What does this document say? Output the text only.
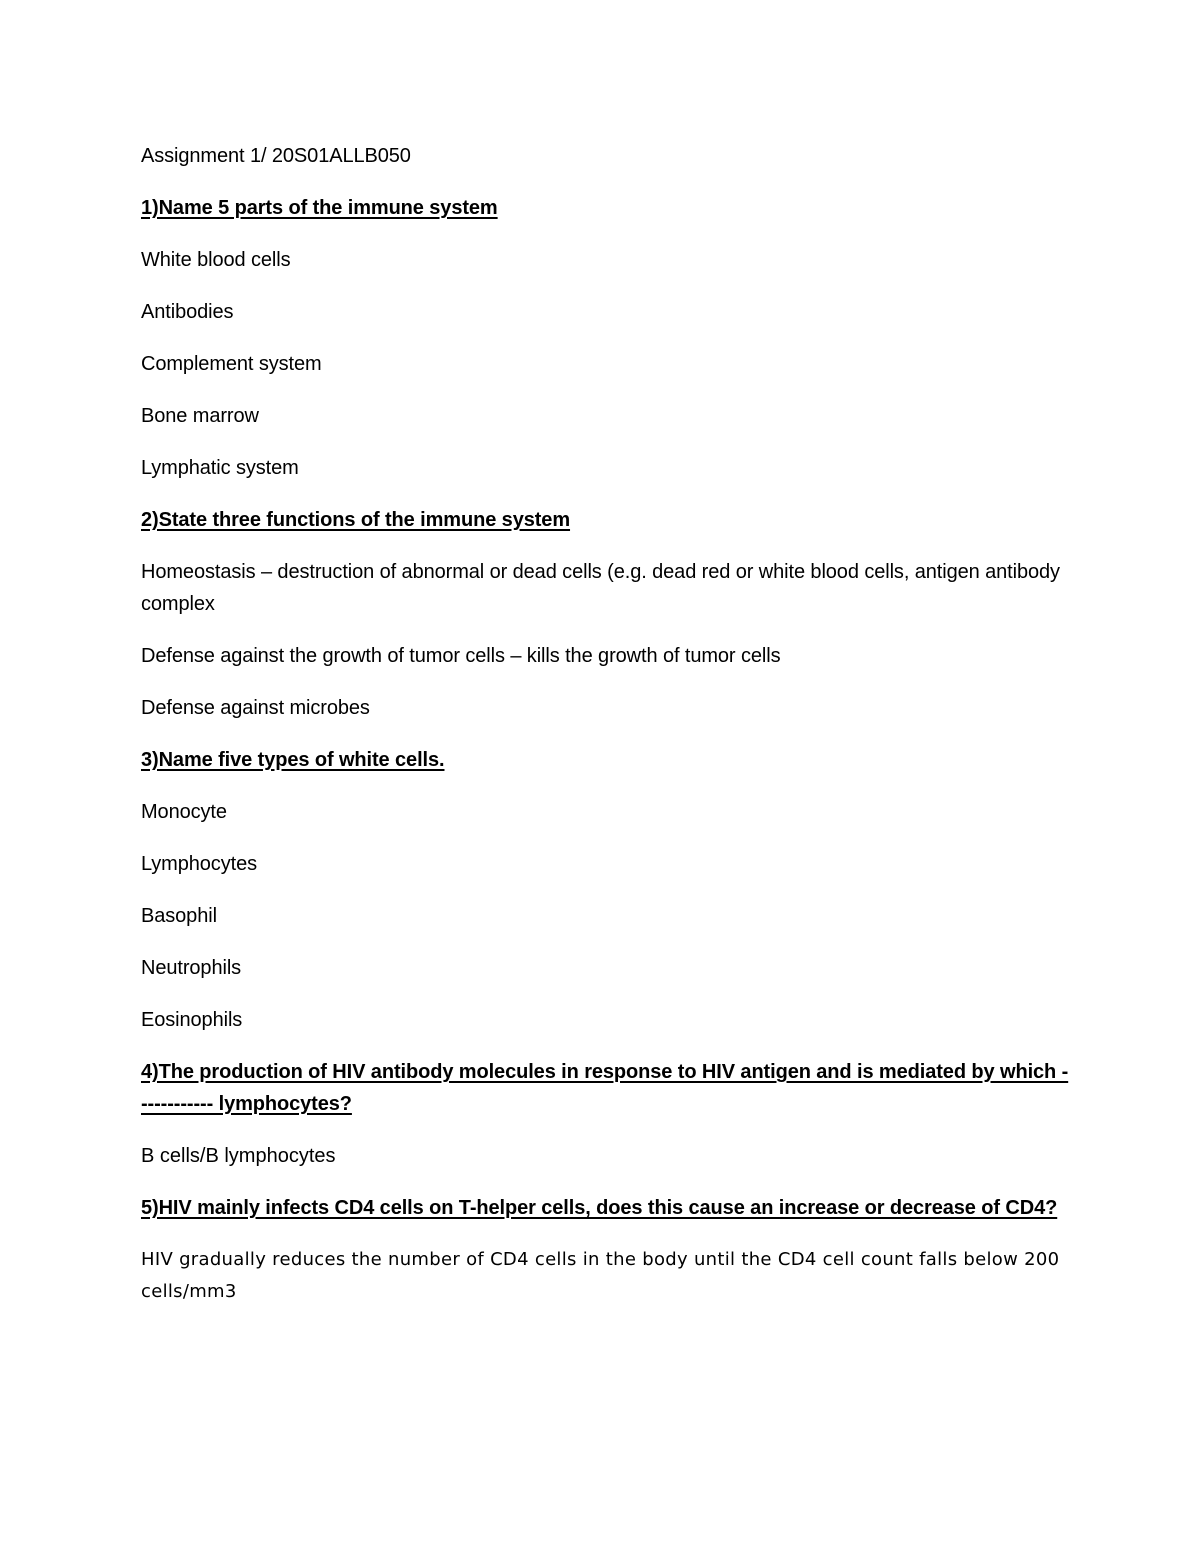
Assignment 1/ 20S01ALLB050
1)Name 5 parts of the immune system
White blood cells
Antibodies
Complement system
Bone marrow
Lymphatic system
2)State three functions of the immune system
Homeostasis – destruction of abnormal or dead cells (e.g. dead red or white blood cells, antigen antibody complex
Defense against the growth of tumor cells – kills the growth of tumor cells
Defense against microbes
3)Name five types of white cells.
Monocyte
Lymphocytes
Basophil
Neutrophils
Eosinophils
4)The production of HIV antibody molecules in response to HIV antigen and is mediated by which ------------ lymphocytes?
B cells/B lymphocytes
5)HIV mainly infects CD4 cells on T-helper cells, does this cause an increase or decrease of CD4?
HIV gradually reduces the number of CD4 cells in the body until the CD4 cell count falls below 200 cells/mm3
